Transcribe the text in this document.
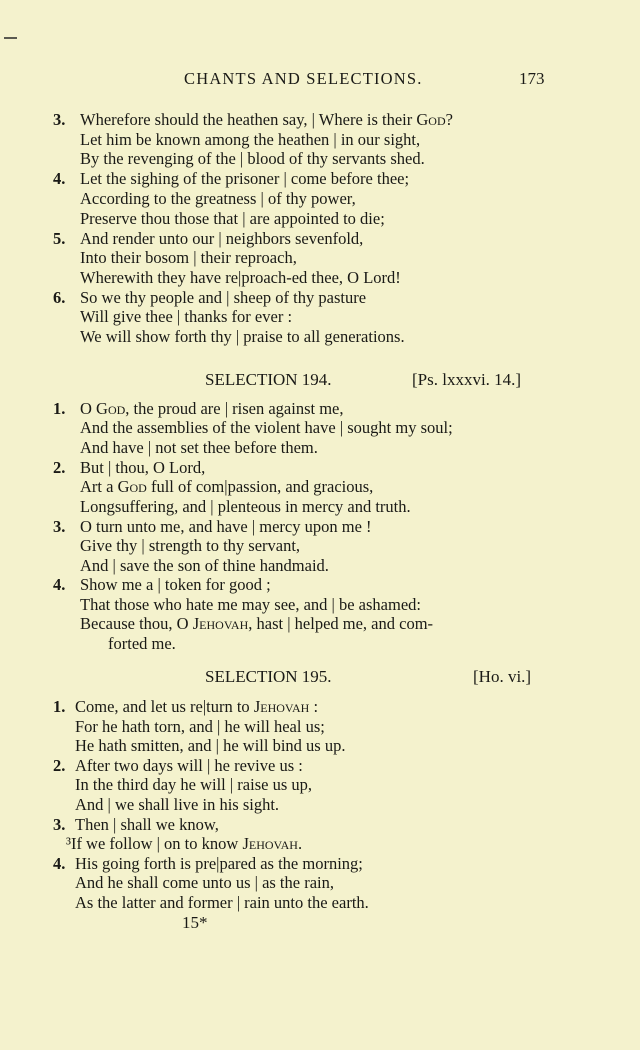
CHANTS AND SELECTIONS.	173
3. Wherefore should the heathen say, | Where is their God?
Let him be known among the heathen | in our sight,
By the revenging of the | blood of thy servants shed.
4. Let the sighing of the prisoner | come before thee;
According to the greatness | of thy power,
Preserve thou those that | are appointed to die;
5. And render unto our | neighbors sevenfold,
Into their bosom | their reproach,
Wherewith they have re|proach-ed thee, O Lord!
6. So we thy people and | sheep of thy pasture
Will give thee | thanks for ever :
We will show forth thy | praise to all generations.
SELECTION 194.	[Ps. lxxxvi. 14.]
1. O God, the proud are | risen against me,
And the assemblies of the violent have | sought my soul;
And have | not set thee before them.
2. But | thou, O Lord,
Art a God full of com|passion, and gracious,
Longsuffering, and | plenteous in mercy and truth.
3. O turn unto me, and have | mercy upon me !
Give thy | strength to thy servant,
And | save the son of thine handmaid.
4. Show me a | token for good ;
That those who hate me may see, and | be ashamed:
Because thou, O Jehovah, hast | helped me, and com-
forted me.
SELECTION 195.	[Ho. vi.]
1. Come, and let us re|turn to Jehovah :
For he hath torn, and | he will heal us;
He hath smitten, and | he will bind us up.
2. After two days will | he revive us :
In the third day he will | raise us up,
And | we shall live in his sight.
3. Then | shall we know,
³If we follow | on to know Jehovah.
4. His going forth is pre|pared as the morning;
And he shall come unto us | as the rain,
As the latter and former | rain unto the earth.
15*
